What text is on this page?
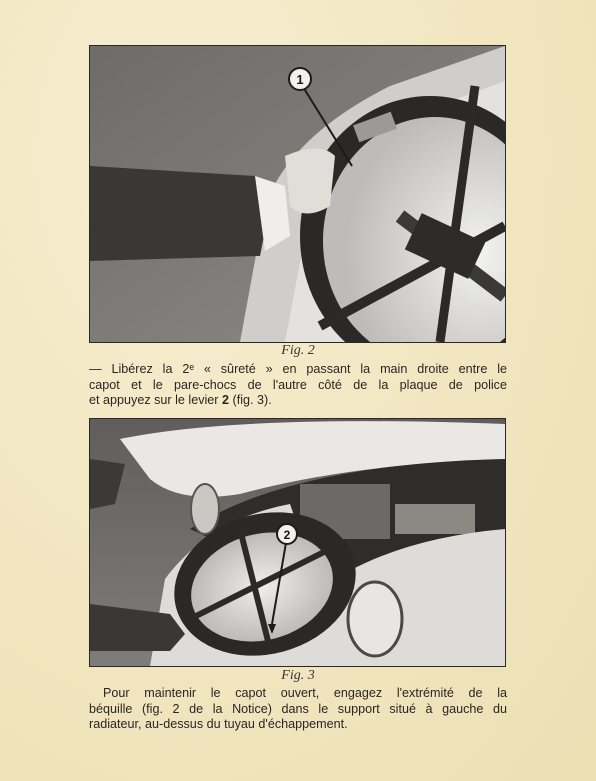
1
Fig. 2

— Libérez la 2ᵉ « sûreté » en passant la main droite entre le
capot et le pare-chocs de l'autre côté de la plaque de police
et appuyez sur le levier 2 (fig. 3).

2
Fig. 3

Pour maintenir le capot ouvert, engagez l'extrémité de la
béquille (fig. 2 de la Notice) dans le support situé à gauche du
radiateur, au-dessus du tuyau d'échappement.
